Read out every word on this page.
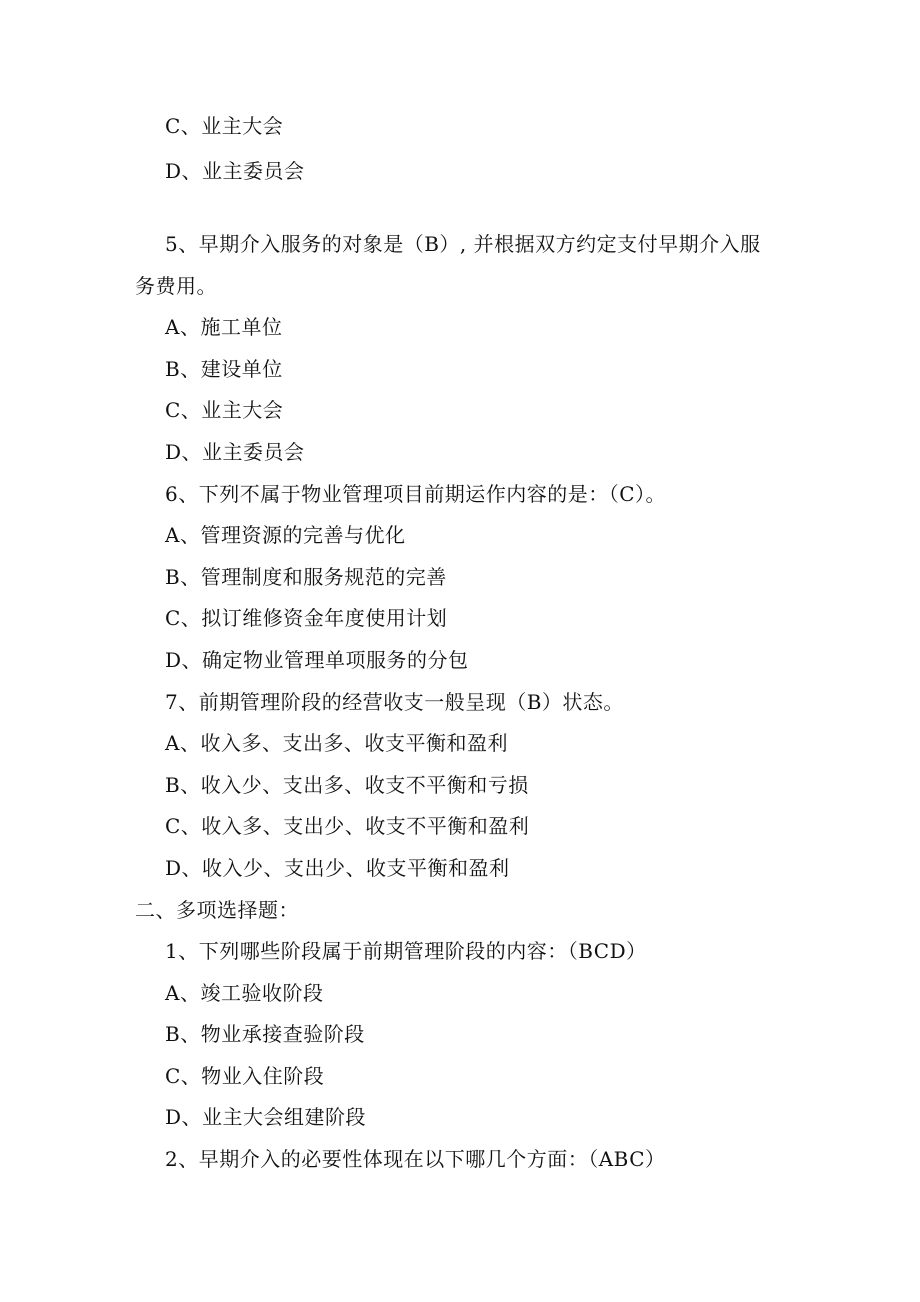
C、业主大会
D、业主委员会
5、早期介入服务的对象是（B）, 并根据双方约定支付早期介入服
务费用。
A、施工单位
B、建设单位
C、业主大会
D、业主委员会
6、下列不属于物业管理项目前期运作内容的是：（C）。
A、管理资源的完善与优化
B、管理制度和服务规范的完善
C、拟订维修资金年度使用计划
D、确定物业管理单项服务的分包
7、前期管理阶段的经营收支一般呈现（B）状态。
A、收入多、支出多、收支平衡和盈利
B、收入少、支出多、收支不平衡和亏损
C、收入多、支出少、收支不平衡和盈利
D、收入少、支出少、收支平衡和盈利
二、多项选择题：
1、下列哪些阶段属于前期管理阶段的内容：（BCD）
A、竣工验收阶段
B、物业承接查验阶段
C、物业入住阶段
D、业主大会组建阶段
2、早期介入的必要性体现在以下哪几个方面：（ABC）
